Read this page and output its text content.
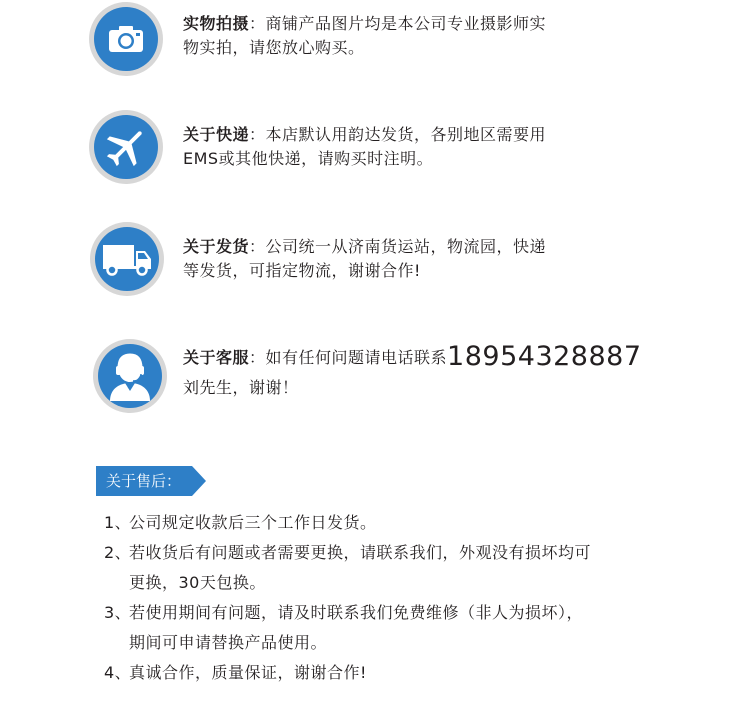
实物拍摄：商铺产品图片均是本公司专业摄影师实
物实拍，请您放心购买。
关于快递：本店默认用韵达发货，各别地区需要用
EMS或其他快递，请购买时注明。
关于发货：公司统一从济南货运站，物流园，快递
等发货，可指定物流，谢谢合作!
关于客服：如有任何问题请电话联系18954328887
刘先生，谢谢！
关于售后：
1、
公司规定收款后三个工作日发货。
2、
若收货后有问题或者需要更换，请联系我们，外观没有损坏均可
更换，30天包换。
3、
若使用期间有问题，请及时联系我们免费维修（非人为损坏），
期间可申请替换产品使用。
4、
真诚合作，质量保证，谢谢合作!
